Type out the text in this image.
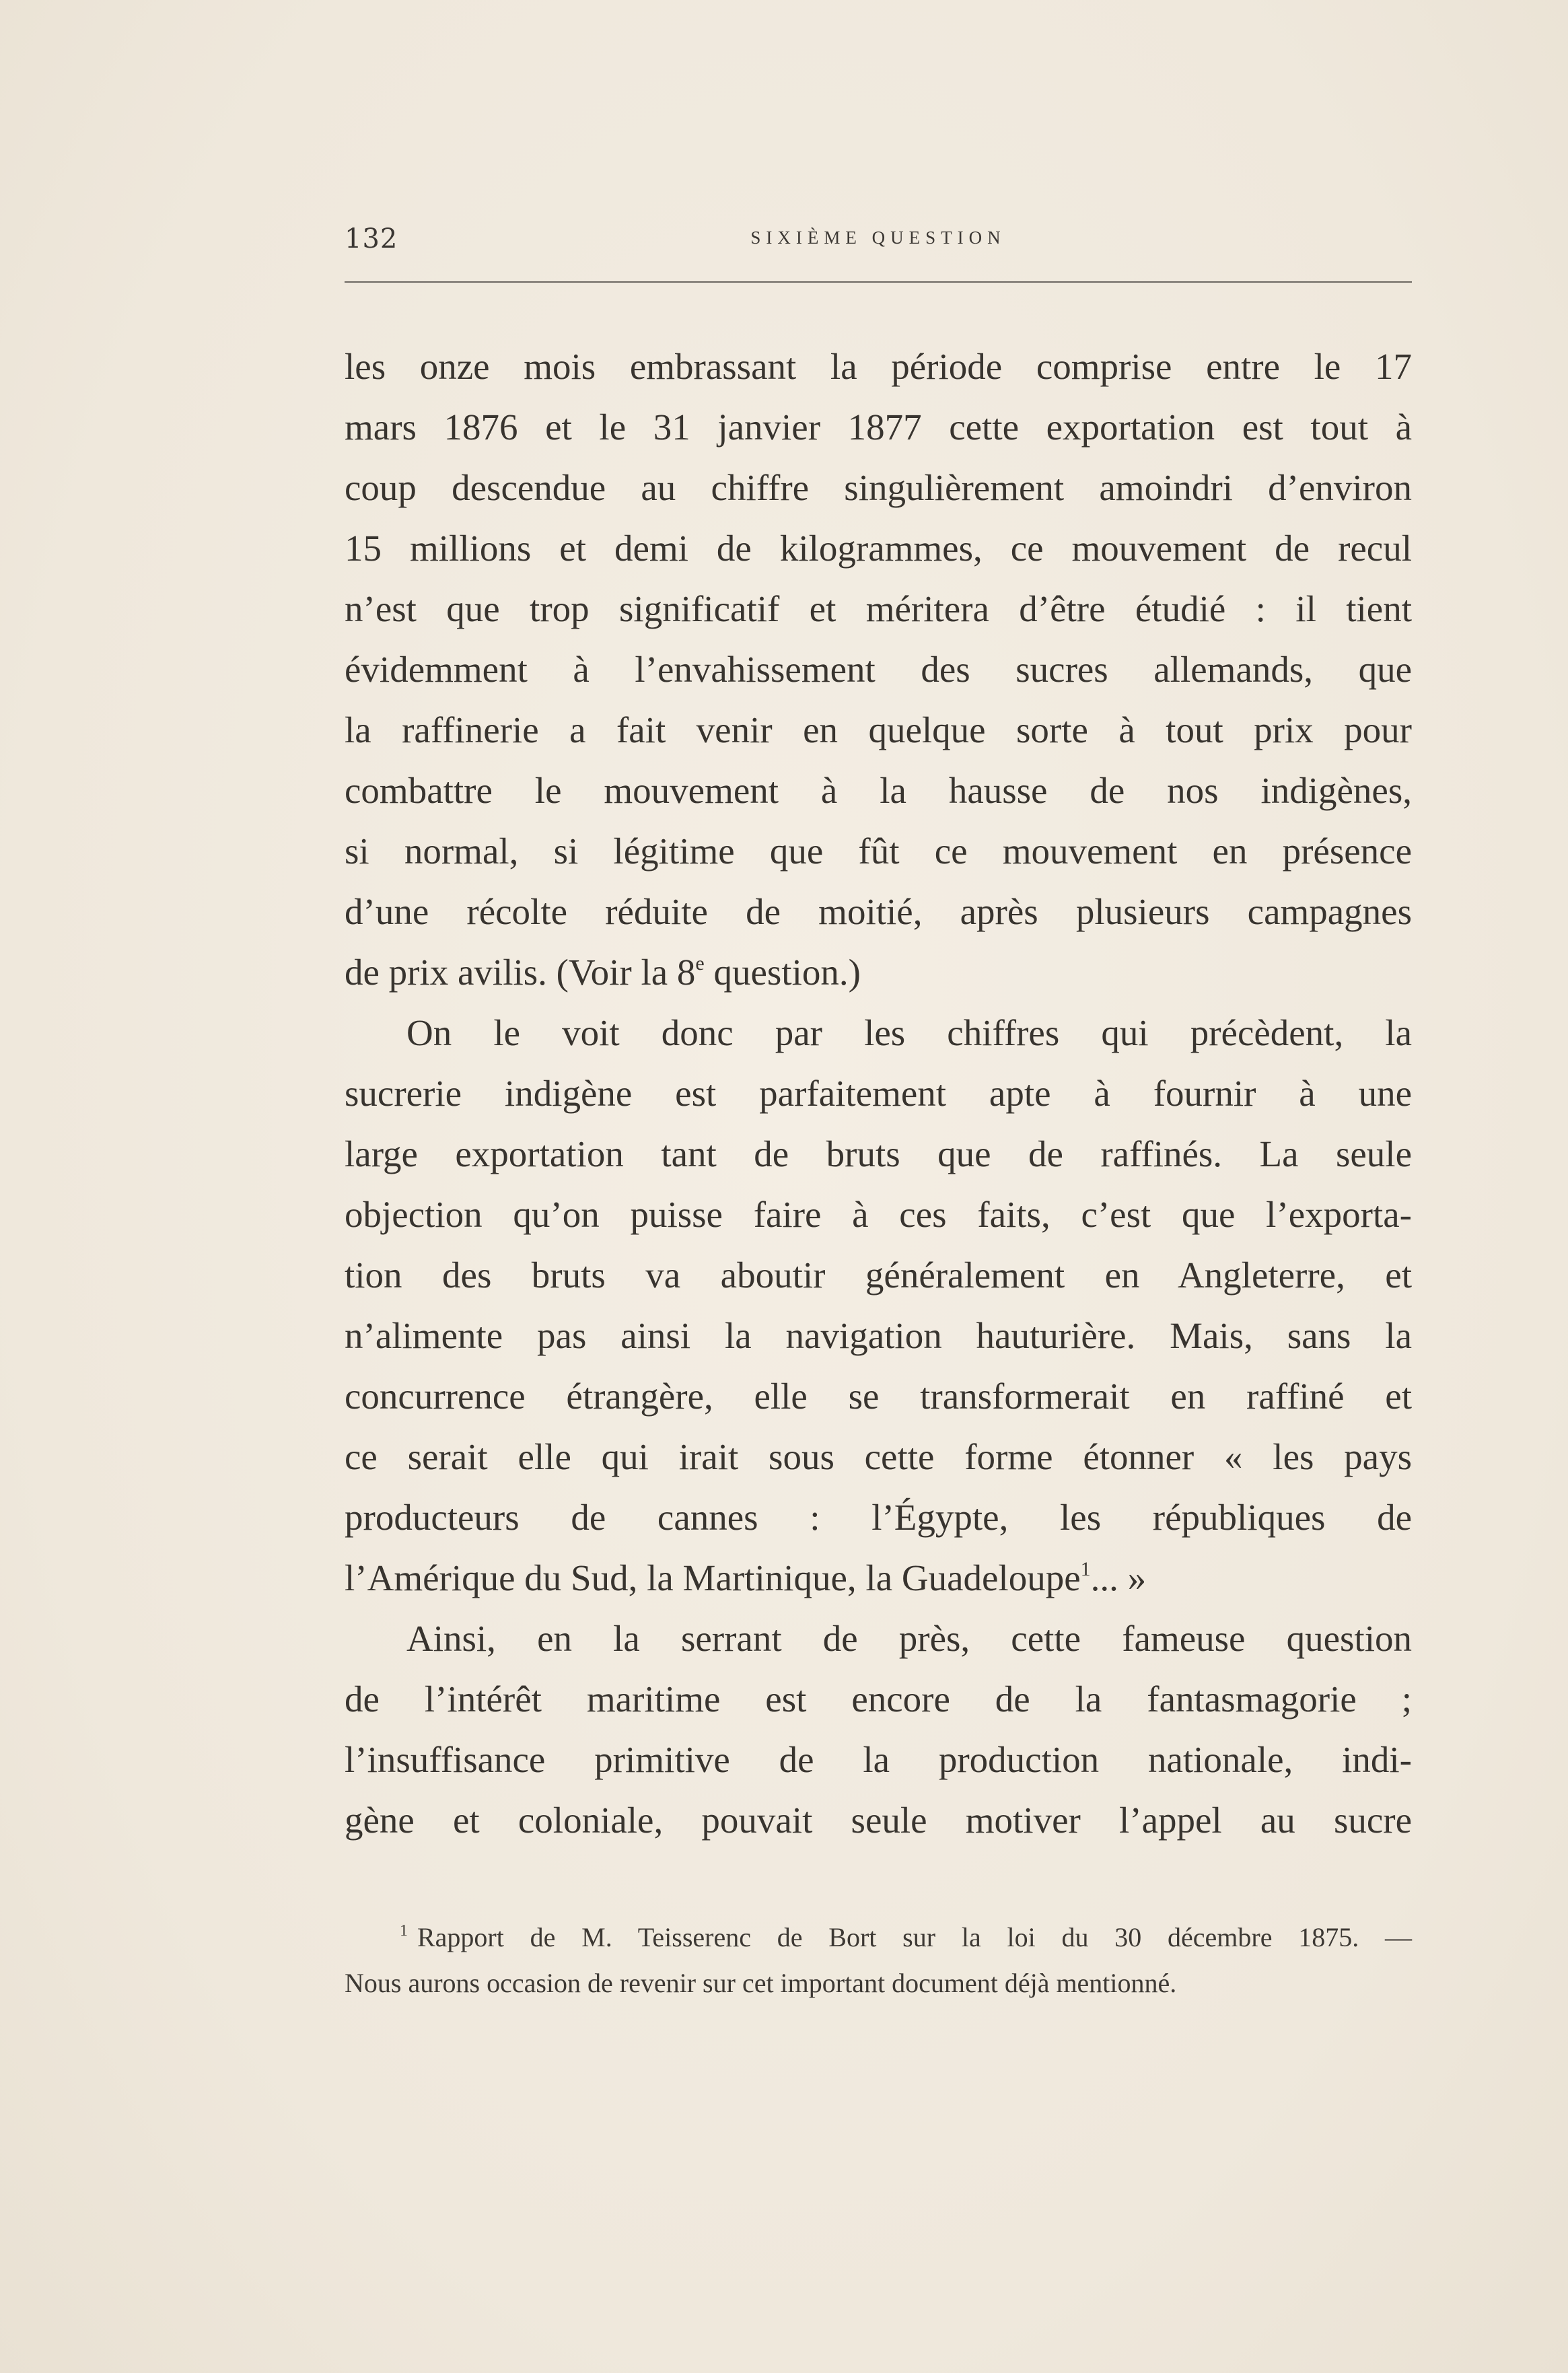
132	SIXIÈME QUESTION
les onze mois embrassant la période comprise entre le 17
mars 1876 et le 31 janvier 1877 cette exportation est tout à
coup descendue au chiffre singulièrement amoindri d’environ
15 millions et demi de kilogrammes, ce mouvement de recul
n’est que trop significatif et méritera d’être étudié : il tient
évidemment à l’envahissement des sucres allemands, que
la raffinerie a fait venir en quelque sorte à tout prix pour
combattre le mouvement à la hausse de nos indigènes,
si normal, si légitime que fût ce mouvement en présence
d’une récolte réduite de moitié, après plusieurs campagnes
de prix avilis. (Voir la 8e question.)
On le voit donc par les chiffres qui précèdent, la
sucrerie indigène est parfaitement apte à fournir à une
large exportation tant de bruts que de raffinés. La seule
objection qu’on puisse faire à ces faits, c’est que l’exporta-
tion des bruts va aboutir généralement en Angleterre, et
n’alimente pas ainsi la navigation hauturière. Mais, sans la
concurrence étrangère, elle se transformerait en raffiné et
ce serait elle qui irait sous cette forme étonner « les pays
producteurs de cannes : l’Égypte, les républiques de
l’Amérique du Sud, la Martinique, la Guadeloupe$^1$... »
Ainsi, en la serrant de près, cette fameuse question
de l’intérêt maritime est encore de la fantasmagorie ;
l’insuffisance primitive de la production nationale, indi-
gène et coloniale, pouvait seule motiver l’appel au sucre
$^1$ Rapport de M. Teisserenc de Bort sur la loi du 30 décembre 1875. —
Nous aurons occasion de revenir sur cet important document déjà mentionné.
